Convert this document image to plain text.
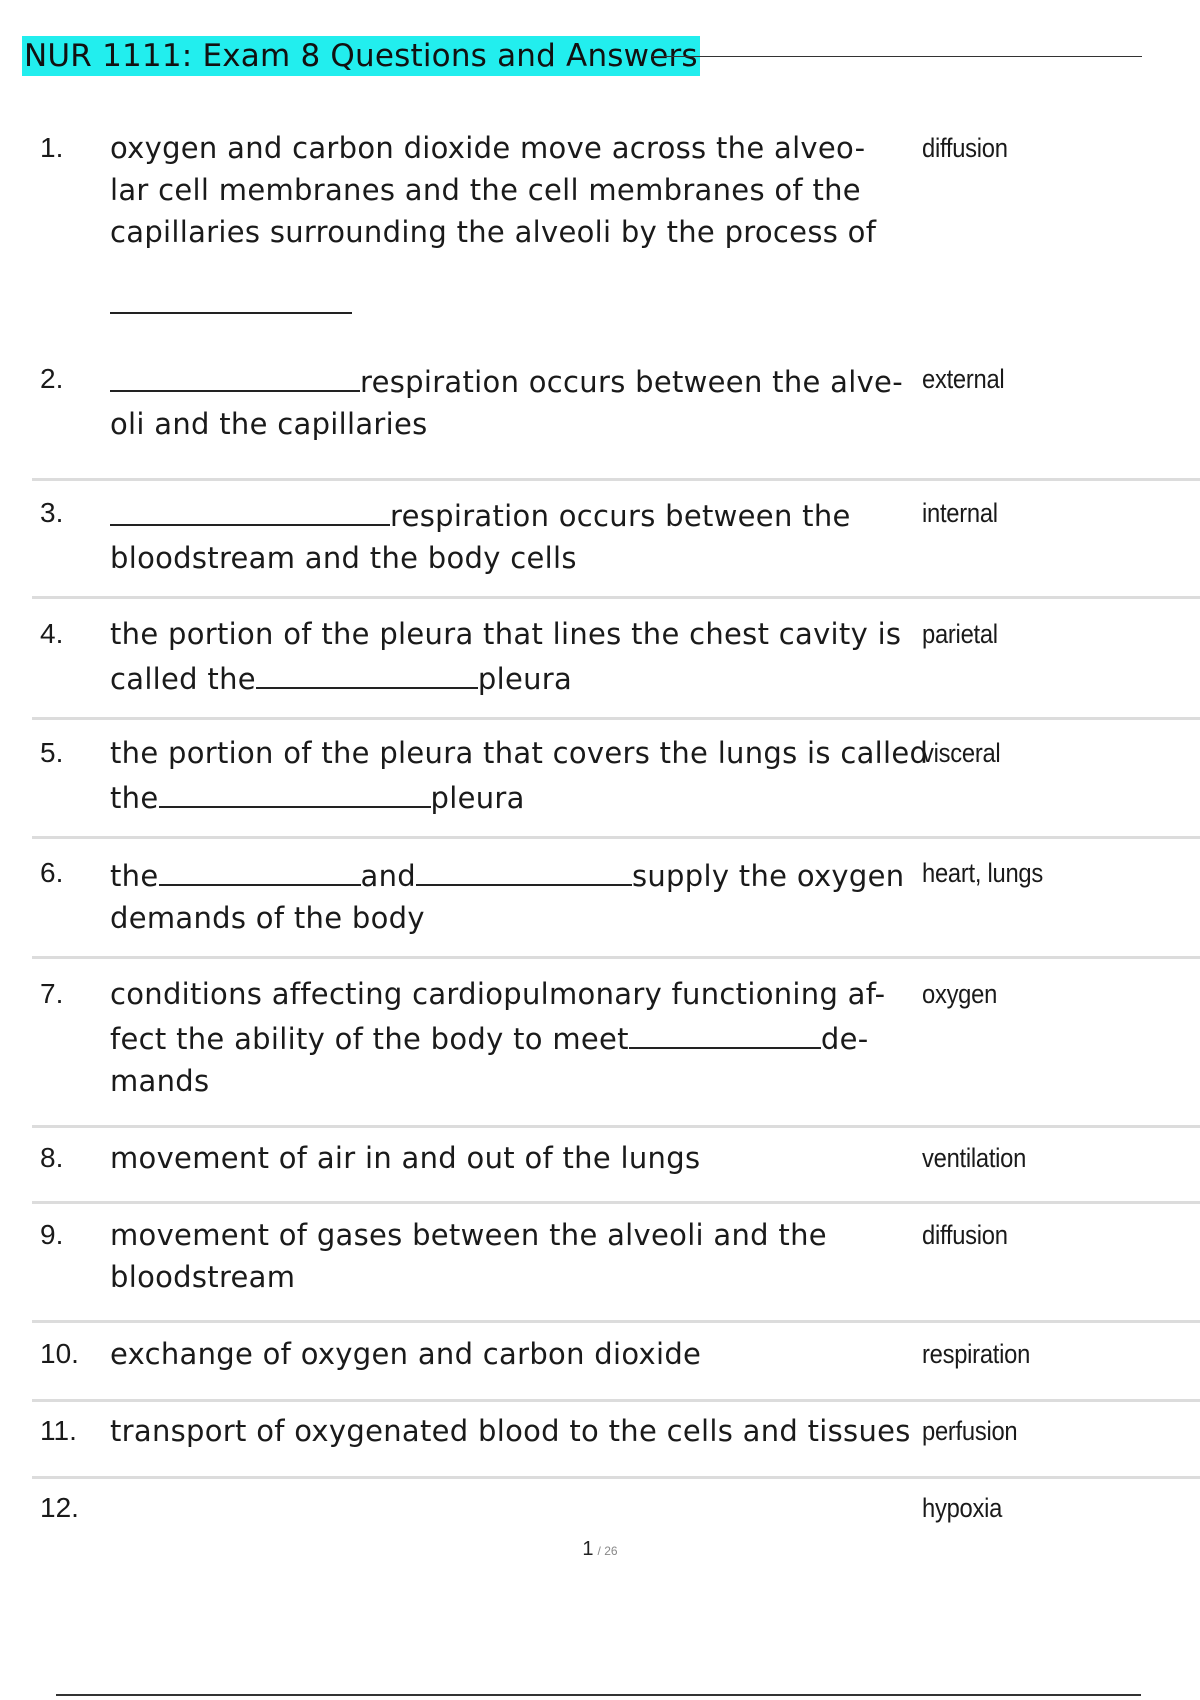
NUR 1111: Exam 8 Questions and Answers
1. oxygen and carbon dioxide move across the alveo-
lar cell membranes and the cell membranes of the
capillaries surrounding the alveoli by the process of
diffusion
2.	respiration occurs between the alve-
oli and the capillaries
external
3.	respiration occurs between the
bloodstream and the body cells
internal
4. the portion of the pleura that lines the chest cavity is
called the	pleura
parietal
5. the portion of the pleura that covers the lungs is called
the	pleura
visceral
6. the	and	supply the oxygen
demands of the body
heart, lungs
7. conditions affecting cardiopulmonary functioning af-
fect the ability of the body to meet	de-
mands
oxygen
8. movement of air in and out of the lungs	ventilation
9. movement of gases between the alveoli and the bloodstream
diffusion
10. exchange of oxygen and carbon dioxide	respiration
11. transport of oxygenated blood to the cells and tissues perfusion
12.	hypoxia
1 / 26
